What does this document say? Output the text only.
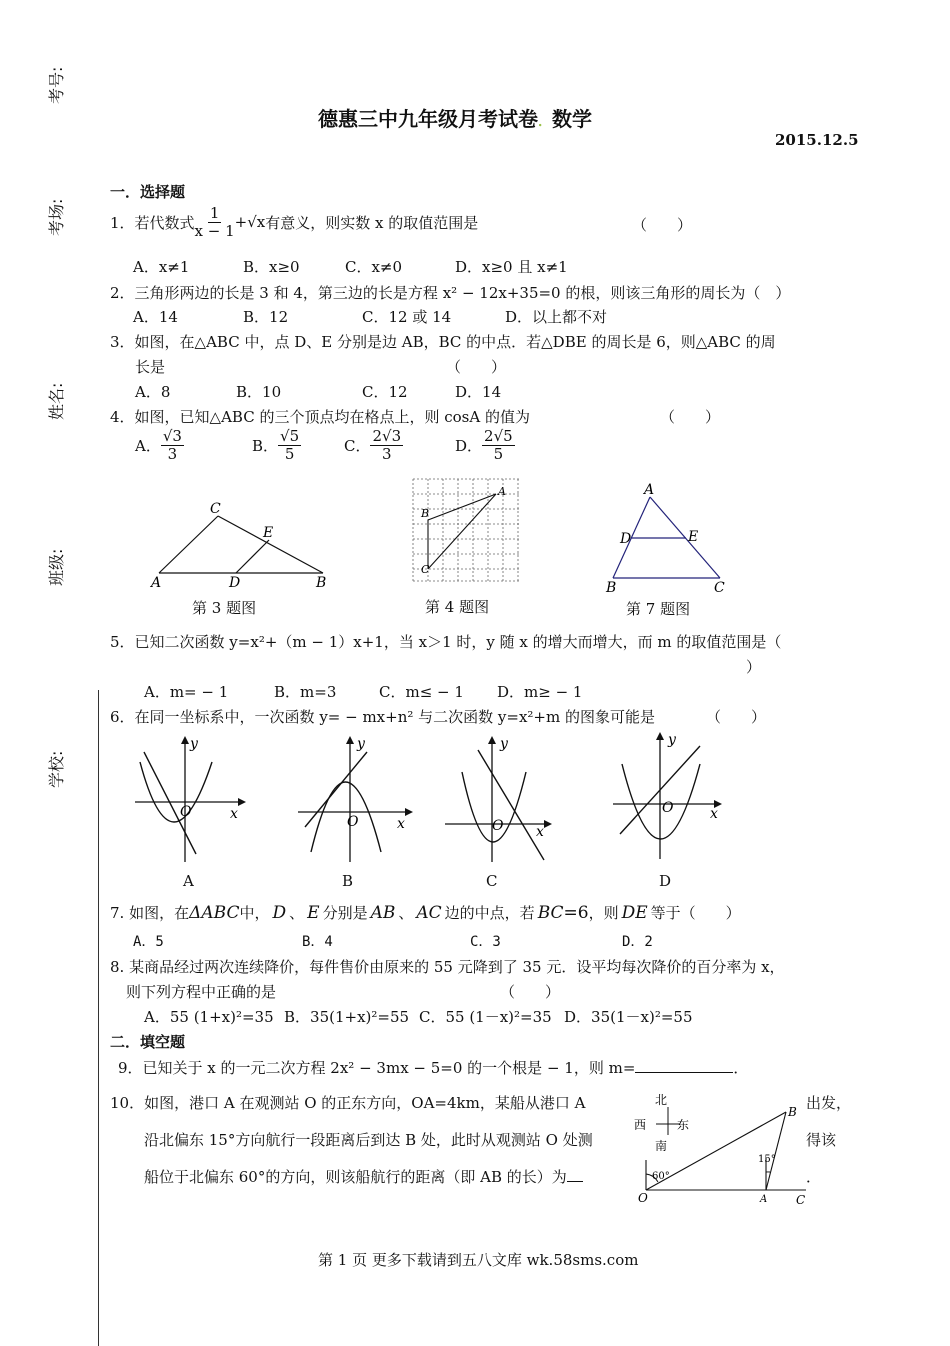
考号:
考场:
姓名:
班级:
学校:
德惠三中九年级月考试卷．数学
2015.12.5
一．选择题
1．若代数式 $\frac{1}{x - 1} + √x$ 有意义，则实数 x 的取值范围是	（　　）
A．x≠1	B．x≥0	C．x≠0	D．x≥0 且 x≠1
2．三角形两边的长是 3 和 4，第三边的长是方程 x² − 12x+35=0 的根，则该三角形的周长为（　）
A．14	B．12	C．12 或 14	D．以上都不对
3．如图，在△ABC 中，点 D、E 分别是边 AB，BC 的中点．若△DBE 的周长是 6，则△ABC 的周
长是	（　　）
A．8	B．10	C．12	D．14
4．如图，已知△ABC 的三个顶点均在格点上，则 cosA 的值为	（　　）
A． $\frac{√3}{3}$	B． $\frac{√5}{5}$	C． $\frac{2√3}{3}$	D． $\frac{2√5}{5}$
C
E
A	D	B
第 3 题图
A
B
C
第 4 题图
A
D	E
B	C
第 7 题图
5．已知二次函数 y=x²+（m − 1）x+1，当 x＞1 时，y 随 x 的增大而增大，而 m 的取值范围是（
）
A．m= − 1	B．m=3	C．m≤ − 1 D．m≥ − 1
6．在同一坐标系中，一次函数 y= − mx+n² 与二次函数 y=x²+m 的图象可能是	（　　）
y
x
O
y
x
O
y
x
O
y
x
O
A	B	C	D
7. 如图，在 ΔABC 中， D 、 E 分别是 AB 、 AC 边的中点，若 BC =6 ，则 DE 等于（　　）
A．5	B．4	C．3	D．2
8. 某商品经过两次连续降价，每件售价由原来的 55 元降到了 35 元．设平均每次降价的百分率为 x，
则下列方程中正确的是	（　　）
A．55 (1+x)²=35 B．35(1+x)²=55 C．55 (1－x)²=35 D．35(1－x)²=55
二．填空题
9．已知关于 x 的一元二次方程 2x² − 3mx − 5=0 的一个根是 − 1，则 m=	．
10．如图，港口 A 在观测站 O 的正东方向，OA=4km，某船从港口 A	出发，
沿北偏东 15°方向航行一段距离后到达 B 处，此时从观测站 O 处测	得该
船位于北偏东 60°的方向，则该船航行的距离（即 AB 的长）为	．
北
西	东
南
60°
15°
O	A
B
C
第 1 页 更多下载请到五八文库 wk.58sms.com
